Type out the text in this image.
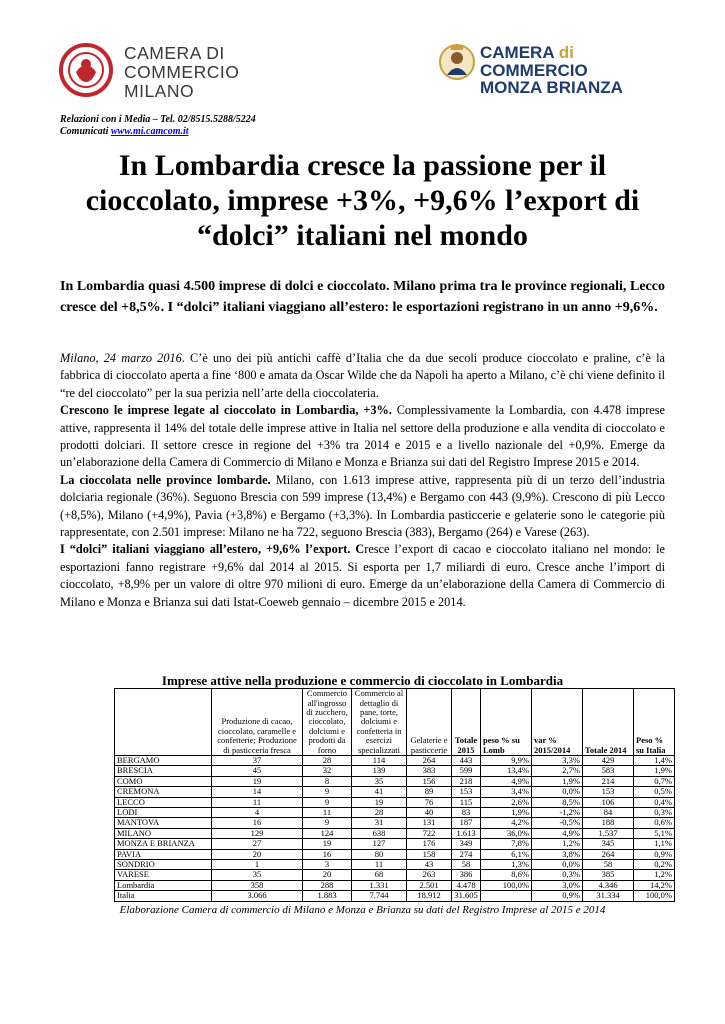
CAMERA DI
COMMERCIO
MILANO
CAMERA di
COMMERCIO
MONZA BRIANZA
Relazioni con i Media – Tel. 02/8515.5288/5224
Comunicati www.mi.camcom.it
In Lombardia cresce la passione per il cioccolato, imprese +3%, +9,6% l’export di “dolci” italiani nel mondo

In Lombardia quasi 4.500 imprese di dolci e cioccolato. Milano prima tra le province regionali, Lecco cresce del +8,5%. I “dolci” italiani viaggiano all’estero: le esportazioni registrano in un anno +9,6%.

Milano, 24 marzo 2016. C’è uno dei più antichi caffè d’Italia che da due secoli produce cioccolato e praline, c’è la fabbrica di cioccolato aperta a fine ‘800 e amata da Oscar Wilde che da Napoli ha aperto a Milano, c’è chi viene definito il “re del cioccolato” per la sua perizia nell’arte della cioccolateria.

Crescono le imprese legate al cioccolato in Lombardia, +3%. Complessivamente la Lombardia, con 4.478 imprese attive, rappresenta il 14% del totale delle imprese attive in Italia nel settore della produzione e alla vendita di cioccolato e prodotti dolciari. Il settore cresce in regione del +3% tra 2014 e 2015 e a livello nazionale del +0,9%. Emerge da un’elaborazione della Camera di Commercio di Milano e Monza e Brianza sui dati del Registro Imprese 2015 e 2014.

La cioccolata nelle province lombarde. Milano, con 1.613 imprese attive, rappresenta più di un terzo dell’industria dolciaria regionale (36%). Seguono Brescia con 599 imprese (13,4%) e Bergamo con 443 (9,9%). Crescono di più Lecco (+8,5%), Milano (+4,9%), Pavia (+3,8%) e Bergamo (+3,3%). In Lombardia pasticcerie e gelaterie sono le categorie più rappresentate, con 2.501 imprese: Milano ne ha 722, seguono Brescia (383), Bergamo (264) e Varese (263).

I “dolci” italiani viaggiano all’estero, +9,6% l’export. Cresce l’export di cacao e cioccolato italiano nel mondo: le esportazioni fanno registrare +9,6% dal 2014 al 2015. Si esporta per 1,7 miliardi di euro. Cresce anche l’import di cioccolato, +8,9% per un valore di oltre 970 milioni di euro. Emerge da un’elaborazione della Camera di Commercio di Milano e Monza e Brianza sui dati Istat-Coeweb gennaio – dicembre 2015 e 2014.

Imprese attive nella produzione e commercio di cioccolato in Lombardia
	Produzione di cacao, cioccolato, caramelle e confetterie; Produzione di pasticceria fresca	Commercio all'ingrosso di zucchero, cioccolato, dolciumi e prodotti da forno	Commercio al dettaglio di pane, torte, dolciumi e confetteria in esercizi specializzati	Gelaterie e pasticcerie	Totale 2015	peso % su Lomb	var % 2015/2014	Totale 2014	Peso % su Italia
BERGAMO	37	28	114	264	443	9,9%	3,3%	429	1,4%
BRESCIA	45	32	139	383	599	13,4%	2,7%	583	1,9%
COMO	19	8	35	156	218	4,9%	1,9%	214	0,7%
CREMONA	14	9	41	89	153	3,4%	0,0%	153	0,5%
LECCO	11	9	19	76	115	2,6%	8,5%	106	0,4%
LODI	4	11	28	40	83	1,9%	-1,2%	84	0,3%
MANTOVA	16	9	31	131	187	4,2%	-0,5%	188	0,6%
MILANO	129	124	638	722	1.613	36,0%	4,9%	1.537	5,1%
MONZA E BRIANZA	27	19	127	176	349	7,8%	1,2%	345	1,1%
PAVIA	20	16	80	158	274	6,1%	3,8%	264	0,9%
SONDRIO	1	3	11	43	58	1,3%	0,0%	58	0,2%
VARESE	35	20	68	263	386	8,6%	0,3%	385	1,2%
Lombardia	358	288	1.331	2.501	4.478	100,0%	3,0%	4.346	14,2%
Italia	3.066	1.883	7.744	18.912	31.605		0,9%	31.334	100,0%
Elaborazione Camera di commercio di Milano e Monza e Brianza su dati del Registro Imprese al 2015 e 2014
